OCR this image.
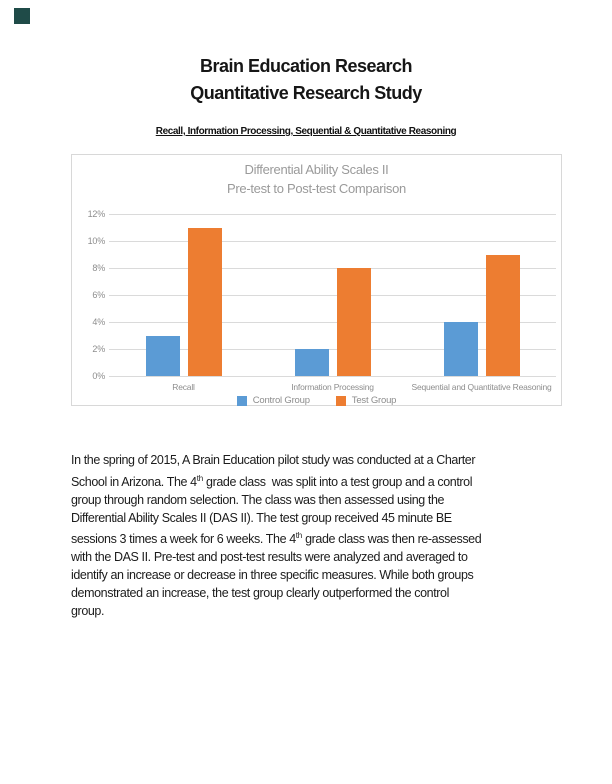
Brain Education Research
Quantitative Research Study
Recall, Information Processing, Sequential & Quantitative Reasoning
Differential Ability Scales II
Pre-test to Post-test Comparison
0%
2%
4%
6%
8%
10%
12%
Recall	Information Processing	Sequential and Quantitative Reasoning
Control Group	Test Group
In the spring of 2015, A Brain Education pilot study was conducted at a Charter
School in Arizona. The 4th grade class  was split into a test group and a control
group through random selection. The class was then assessed using the
Differential Ability Scales II (DAS II). The test group received 45 minute BE
sessions 3 times a week for 6 weeks. The 4th grade class was then re-assessed
with the DAS II. Pre-test and post-test results were analyzed and averaged to
identify an increase or decrease in three specific measures. While both groups
demonstrated an increase, the test group clearly outperformed the control
group.
